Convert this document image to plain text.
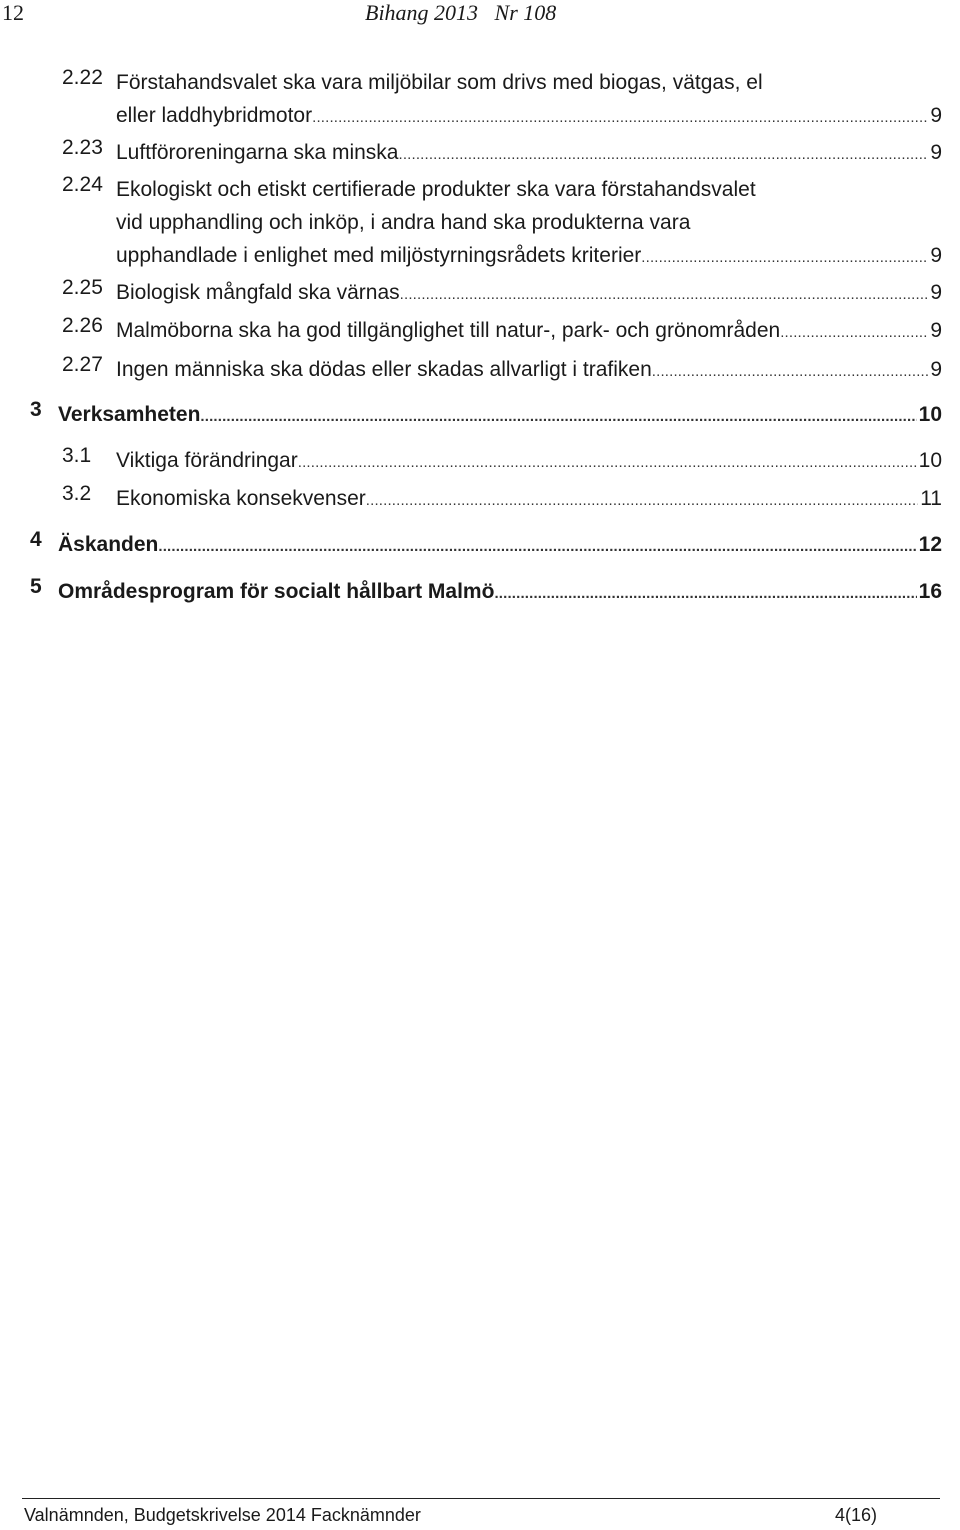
12	Bihang 2013   Nr 108
2.22 Förstahandsvalet ska vara miljöbilar som drivs med biogas, vätgas, el
eller laddhybridmotor . . .	9
2.23 Luftföroreningarna ska minska . . .	9
2.24 Ekologiskt och etiskt certifierade produkter ska vara förstahandsvalet
vid upphandling och inköp, i andra hand ska produkterna vara
upphandlade i enlighet med miljöstyrningsrådets kriterier . . .	9
2.25 Biologisk mångfald ska värnas . . .	9
2.26 Malmöborna ska ha god tillgänglighet till natur-, park- och grönområden . . .	9
2.27 Ingen människa ska dödas eller skadas allvarligt i trafiken . . .	9
3 Verksamheten . . .	10
3.1 Viktiga förändringar . . .	10
3.2 Ekonomiska konsekvenser . . .	11
4 Äskanden . . .	12
5 Områdesprogram för socialt hållbart Malmö . . .	16
Valnämnden, Budgetskrivelse 2014 Facknämnder	4(16)
